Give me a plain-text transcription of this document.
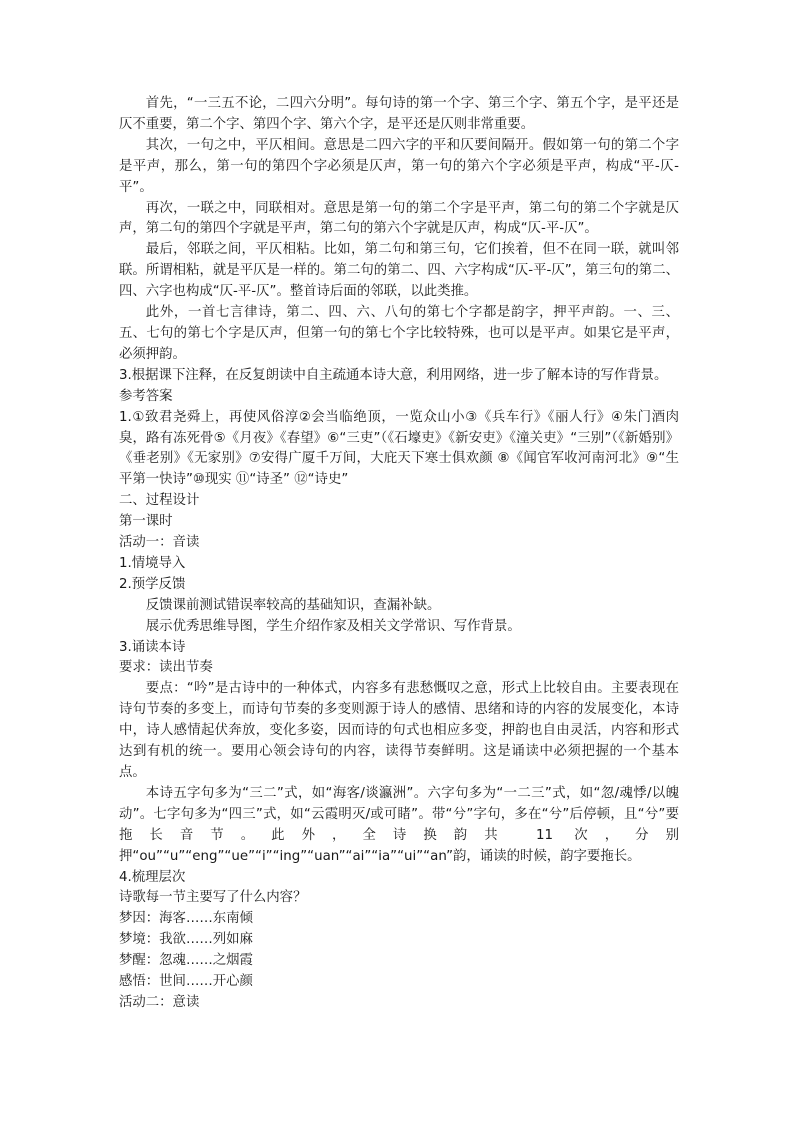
首先，“一三五不论，二四六分明”。每句诗的第一个字、第三个字、第五个字，是平还是仄不重要，第二个字、第四个字、第六个字，是平还是仄则非常重要。

其次，一句之中，平仄相间。意思是二四六字的平和仄要间隔开。假如第一句的第二个字是平声，那么，第一句的第四个字必须是仄声，第一句的第六个字必须是平声，构成“平-仄-平”。

再次，一联之中，同联相对。意思是第一句的第二个字是平声，第二句的第二个字就是仄声，第二句的第四个字就是平声，第二句的第六个字就是仄声，构成“仄-平-仄”。

最后，邻联之间，平仄相粘。比如，第二句和第三句，它们挨着，但不在同一联，就叫邻联。所谓相粘，就是平仄是一样的。第二句的第二、四、六字构成“仄-平-仄”，第三句的第二、四、六字也构成“仄-平-仄”。整首诗后面的邻联，以此类推。

此外，一首七言律诗，第二、四、六、八句的第七个字都是韵字，押平声韵。一、三、五、七句的第七个字是仄声，但第一句的第七个字比较特殊，也可以是平声。如果它是平声，必须押韵。

3.根据课下注释，在反复朗读中自主疏通本诗大意，利用网络，进一步了解本诗的写作背景。

参考答案

1.①致君尧舜上，再使风俗淳②会当临绝顶，一览众山小③《兵车行》《丽人行》④朱门酒肉臭，路有冻死骨⑤《月夜》《春望》⑥“三吏”（《石壕吏》《新安吏》《潼关吏》“三别”（《新婚别》《垂老别》《无家别》⑦安得广厦千万间，大庇天下寒士俱欢颜 ⑧《闻官军收河南河北》⑨“生平第一快诗”⑩现实 ⑪“诗圣” ⑫“诗史”

二、过程设计

第一课时

活动一：音读

1.情境导入

2.预学反馈

反馈课前测试错误率较高的基础知识，查漏补缺。

展示优秀思维导图，学生介绍作家及相关文学常识、写作背景。

3.诵读本诗

要求：读出节奏

要点：“吟”是古诗中的一种体式，内容多有悲愁慨叹之意，形式上比较自由。主要表现在诗句节奏的多变上，而诗句节奏的多变则源于诗人的感情、思绪和诗的内容的发展变化，本诗中，诗人感情起伏奔放，变化多姿，因而诗的句式也相应多变，押韵也自由灵活，内容和形式达到有机的统一。要用心领会诗句的内容，读得节奏鲜明。这是诵读中必须把握的一个基本点。

本诗五字句多为“三二”式，如“海客/谈瀛洲”。六字句多为“一二三”式，如“忽/魂悸/以魄动”。七字句多为“四三”式，如“云霞明灭/或可睹”。带“兮”字句，多在“兮”后停顿，且“兮”要拖长音节。此外，全诗换韵共 11 次，分别押“ou”“u”“eng”“ue”“i”“ing”“uan”“ai”“ia”“ui”“an”韵，诵读的时候，韵字要拖长。

4.梳理层次

诗歌每一节主要写了什么内容？

梦因：海客……东南倾

梦境：我欲……列如麻

梦醒：忽魂……之烟霞

感悟：世间……开心颜

活动二：意读
